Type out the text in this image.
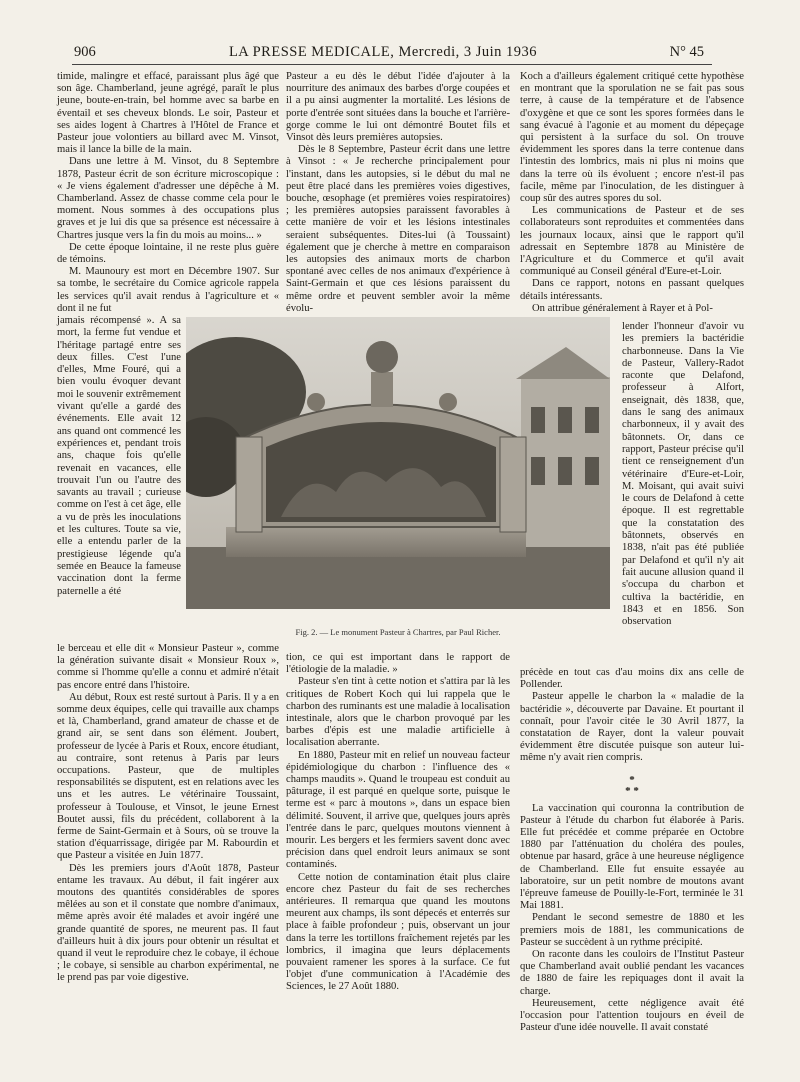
906	LA PRESSE MEDICALE, Mercredi, 3 Juin 1936	N° 45

timide, malingre et effacé, paraissant plus âgé que son âge. Chamberland, jeune agrégé, paraît le plus jeune, boute-en-train, bel homme avec sa barbe en éventail et ses cheveux blonds. Le soir, Pasteur et ses aides logent à Chartres à l'Hôtel de France et Pasteur joue volontiers au billard avec M. Vinsot, mais il lance la bille de la main.

Dans une lettre à M. Vinsot, du 8 Septembre 1878, Pasteur écrit de son écriture microscopique : « Je viens également d'adresser une dépêche à M. Chamberland. Assez de chasse comme cela pour le moment. Nous sommes à des occupations plus graves et je lui dis que sa présence est nécessaire à Chartres jusque vers la fin du mois au moins... »

De cette époque lointaine, il ne reste plus guère de témoins.

M. Maunoury est mort en Décembre 1907. Sur sa tombe, le secrétaire du Comice agricole rappela les services qu'il avait rendus à l'agriculture et « dont il ne fut

jamais récompensé ». A sa mort, la ferme fut vendue et l'héritage partagé entre ses deux filles. C'est l'une d'elles, Mme Fouré, qui a bien voulu évoquer devant moi le souvenir extrêmement vivant qu'elle a gardé des événements. Elle avait 12 ans quand ont commencé les expériences et, pendant trois ans, chaque fois qu'elle revenait en vacances, elle trouvait l'un ou l'autre des savants au travail ; curieuse comme on l'est à cet âge, elle a vu de près les inoculations et les cultures. Toute sa vie, elle a entendu parler de la prestigieuse légende qu'a semée en Beauce la fameuse vaccination dont la ferme paternelle a été

le berceau et elle dit « Monsieur Pasteur », comme la génération suivante disait « Monsieur Roux », comme si l'homme qu'elle a connu et admiré n'était pas encore entré dans l'histoire.

Au début, Roux est resté surtout à Paris. Il y a en somme deux équipes, celle qui travaille aux champs et là, Chamberland, grand amateur de chasse et de grand air, se sent dans son élément. Joubert, professeur de lycée à Paris et Roux, encore étudiant, au contraire, sont retenus à Paris par leurs occupations. Pasteur, que de multiples responsabilités se disputent, est en relations avec les uns et les autres. Le vétérinaire Toussaint, professeur à Toulouse, et Vinsot, le jeune Ernest Boutet aussi, fils du précédent, collaborent à la ferme de Saint-Germain et à Sours, où se trouve la station d'équarrissage, dirigée par M. Rabourdin et que Pasteur a visitée en Juin 1877.

Dès les premiers jours d'Août 1878, Pasteur entame les travaux. Au début, il fait ingérer aux moutons des quantités considérables de spores mêlées au son et il constate que nombre d'animaux, même après avoir été malades et avoir ingéré une grande quantité de spores, ne meurent pas. Il faut d'ailleurs huit à dix jours pour obtenir un résultat et quand il veut le reproduire chez le cobaye, il échoue ; le cobaye, si sensible au charbon expérimental, ne le prend pas par voie digestive.

Pasteur a eu dès le début l'idée d'ajouter à la nourriture des animaux des barbes d'orge coupées et il a pu ainsi augmenter la mortalité. Les lésions de porte d'entrée sont situées dans la bouche et l'arrière-gorge comme le lui ont démontré Boutet fils et Vinsot dès leurs premières autopsies.

Dès le 8 Septembre, Pasteur écrit dans une lettre à Vinsot : « Je recherche principalement pour l'instant, dans les autopsies, si le début du mal ne peut être placé dans les premières voies digestives, bouche, œsophage (et premières voies respiratoires) ; les premières autopsies paraissent favorables à cette manière de voir et les lésions intestinales seraient subséquentes. Dites-lui (à Toussaint) également que je cherche à mettre en comparaison les autopsies des animaux morts de charbon spontané avec celles de nos animaux d'expérience à Saint-Germain et que ces lésions paraissent du même ordre et peuvent sembler avoir la même évolu-

tion, ce qui est important dans le rapport de l'étiologie de la maladie. »

Pasteur s'en tint à cette notion et s'attira par là les critiques de Robert Koch qui lui rappela que le charbon des ruminants est une maladie à localisation intestinale, alors que le charbon provoqué par les barbes d'épis est une maladie artificielle à localisation aberrante.

En 1880, Pasteur mit en relief un nouveau facteur épidémiologique du charbon : l'influence des « champs maudits ». Quand le troupeau est conduit au pâturage, il est parqué en quelque sorte, puisque le terme est « parc à moutons », dans un espace bien délimité. Souvent, il arrive que, quelques jours après l'entrée dans le parc, quelques moutons viennent à mourir. Les bergers et les fermiers savent donc avec précision dans quel endroit leurs animaux se sont contaminés.

Cette notion de contamination était plus claire encore chez Pasteur du fait de ses recherches antérieures. Il remarqua que quand les moutons meurent aux champs, ils sont dépecés et enterrés sur place à faible profondeur ; puis, observant un jour dans la terre les tortillons fraîchement rejetés par les lombrics, il imagina que leurs déplacements pouvaient ramener les spores à la surface. Ce fut l'objet d'une communication à l'Académie des Sciences, le 27 Août 1880.

Koch a d'ailleurs également critiqué cette hypothèse en montrant que la sporulation ne se fait pas sous terre, à cause de la température et de l'absence d'oxygène et que ce sont les spores formées dans le sang évacué à l'agonie et au moment du dépeçage qui persistent à la surface du sol. On trouve évidemment les spores dans la terre contenue dans l'intestin des lombrics, mais ni plus ni moins que dans la terre où ils évoluent ; encore n'est-il pas facile, même par l'inoculation, de les distinguer à coup sûr des autres spores du sol.

Les communications de Pasteur et de ses collaborateurs sont reproduites et commentées dans les journaux locaux, ainsi que le rapport qu'il adressait en Septembre 1878 au Ministère de l'Agriculture et du Commerce et qu'il avait communiqué au Conseil général d'Eure-et-Loir.

Dans ce rapport, notons en passant quelques détails intéressants.

On attribue généralement à Rayer et à Pol-

lender l'honneur d'avoir vu les premiers la bactéridie charbonneuse. Dans la Vie de Pasteur, Vallery-Radot raconte que Delafond, professeur à Alfort, enseignait, dès 1838, que, dans le sang des animaux charbonneux, il y avait des bâtonnets. Or, dans ce rapport, Pasteur précise qu'il tient ce renseignement d'un vétérinaire d'Eure-et-Loir, M. Moisant, qui avait suivi le cours de Delafond à cette époque. Il est regrettable que la constatation des bâtonnets, observés en 1838, n'ait pas été publiée par Delafond et qu'il n'y ait fait aucune allusion quand il s'occupa du charbon et cultiva la bactéridie, en 1843 et en 1856. Son observation

précède en tout cas d'au moins dix ans celle de Pollender.

Pasteur appelle le charbon la « maladie de la bactéridie », découverte par Davaine. Et pourtant il connaît, pour l'avoir citée le 30 Avril 1877, la constatation de Rayer, dont la valeur pouvait évidemment être discutée puisque son auteur lui-même n'y avait rien compris.

*
* *

La vaccination qui couronna la contribution de Pasteur à l'étude du charbon fut élaborée à Paris. Elle fut précédée et comme préparée en Octobre 1880 par l'atténuation du choléra des poules, obtenue par hasard, grâce à une heureuse négligence de Chamberland. Elle fut ensuite essayée au laboratoire, sur un petit nombre de moutons avant l'épreuve fameuse de Pouilly-le-Fort, terminée le 31 Mai 1881.

Pendant le second semestre de 1880 et les premiers mois de 1881, les communications de Pasteur se succèdent à un rythme précipité.

On raconte dans les couloirs de l'Institut Pasteur que Chamberland avait oublié pendant les vacances de 1880 de faire les repiquages dont il avait la charge.

Heureusement, cette négligence avait été l'occasion pour l'attention toujours en éveil de Pasteur d'une idée nouvelle. Il avait constaté

Fig. 2. — Le monument Pasteur à Chartres, par Paul Richer.
